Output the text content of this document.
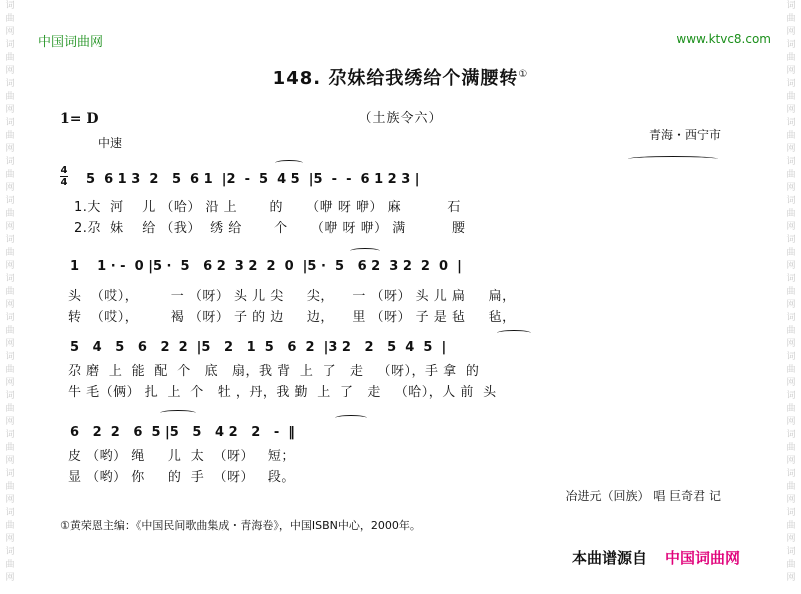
词
曲
网
词
曲
网
词
曲
网
词
曲
网
词
曲
网
词
曲
网
词
曲
网
词
曲
网
词
曲
网
词
曲
网
词
曲
网
词
曲
网
词
曲
网
词
曲
网
词
曲
网
词
曲
网
词
曲
网
词
曲
网
词
曲
网
词
曲
网
词
曲
网
词
曲
网
词
曲
网
词
曲
网
词
曲
网
词
曲
网
词
曲
网
词
曲
网
词
曲
网
词
曲
网
中国词曲网	www.ktvc8.com
148. 尕妹给我绣给个满腰转①
（土族令六）
1= D
中速
青海・西宁市
4
4 5  6 1 3  2   5  6 1  |2  -  5  4 5  |5  -  -  6 1 2 3 |
1.大  河    儿 （哈） 沿 上       的     （咿 呀 咿） 麻          石
2.尕  妹    给 （我）  绣 给       个     （咿 呀 咿） 满          腰
1    1 · -  0 |5 ·  5   6 2  3 2  2  0  |5 ·  5   6 2  3 2  2  0  |
头  （哎），       一 （呀） 头 儿 尖     尖，    一 （呀） 头 儿 扁     扁，
转  （哎），       褐 （呀） 子 的 边     边，    里 （呀） 子 是 毡     毡，
5   4   5   6   2  2  |5   2   1  5   6  2  |3 2   2   5  4  5  |
尕 磨  上  能  配  个   底   扇，我 背  上  了   走   （呀），手 拿  的
牛 毛（俩） 扎  上  个   牡 ，丹，我 勤  上  了   走   （哈），人 前  头
6   2  2   6  5 |5   5   4 2   2   -  ‖
皮 （哟） 绳     儿  太  （呀）   短；
显 （哟） 你     的  手  （呀）   段。
冶进元（回族） 唱 巨奇君 记
①黄荣恩主编：《中国民间歌曲集成・青海卷》，中国ISBN中心，2000年。
本曲谱源自 中国词曲网
